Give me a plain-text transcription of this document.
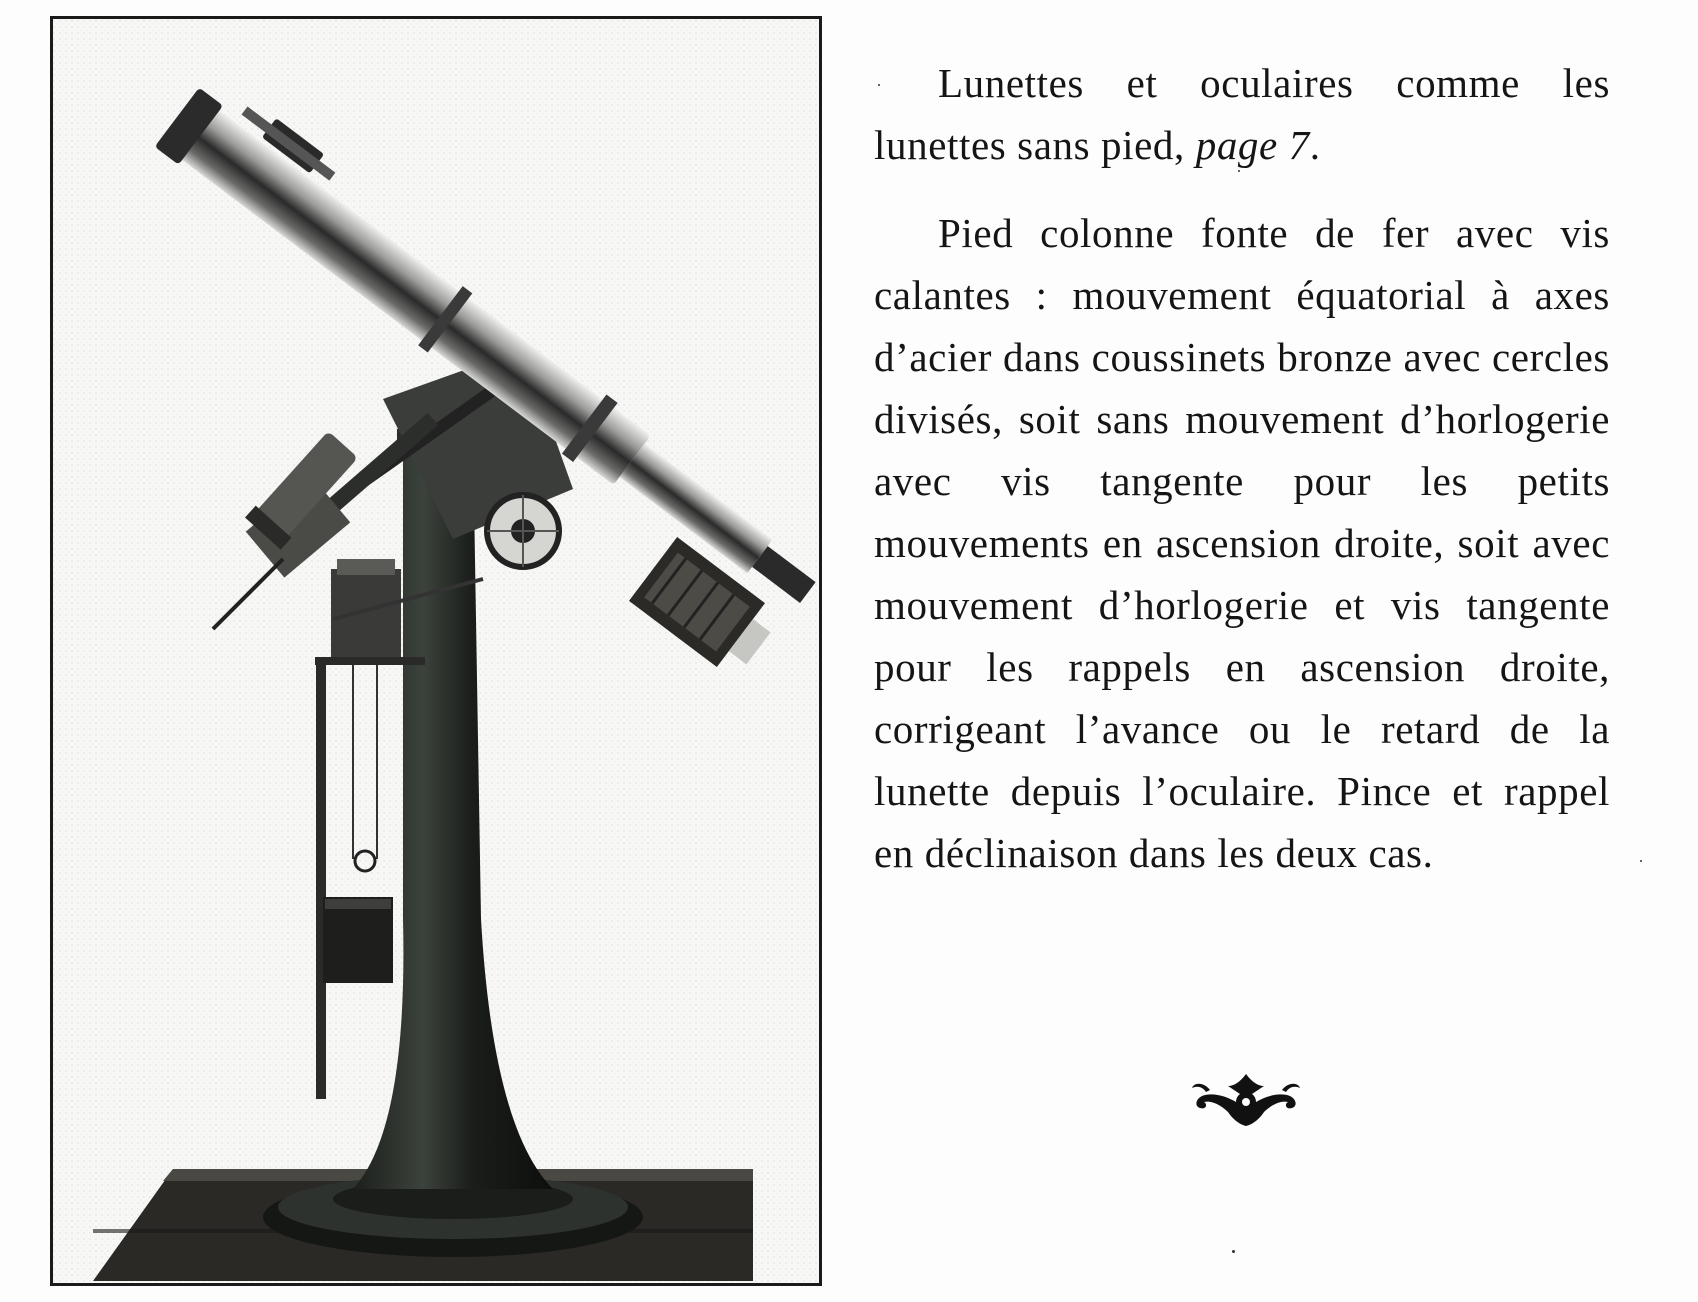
Lunettes et oculaires comme les lunettes sans pied, page 7.

Pied colonne fonte de fer avec vis calantes : mouvement équatorial à axes d’acier dans coussinets bronze avec cercles divisés, soit sans mouvement d’horlogerie avec vis tangente pour les petits mouvements en ascension droite, soit avec mouvement d’horlogerie et vis tangente pour les rappels en ascension droite, corrigeant l’avance ou le retard de la lunette depuis l’oculaire. Pince et rappel en déclinaison dans les deux cas.
